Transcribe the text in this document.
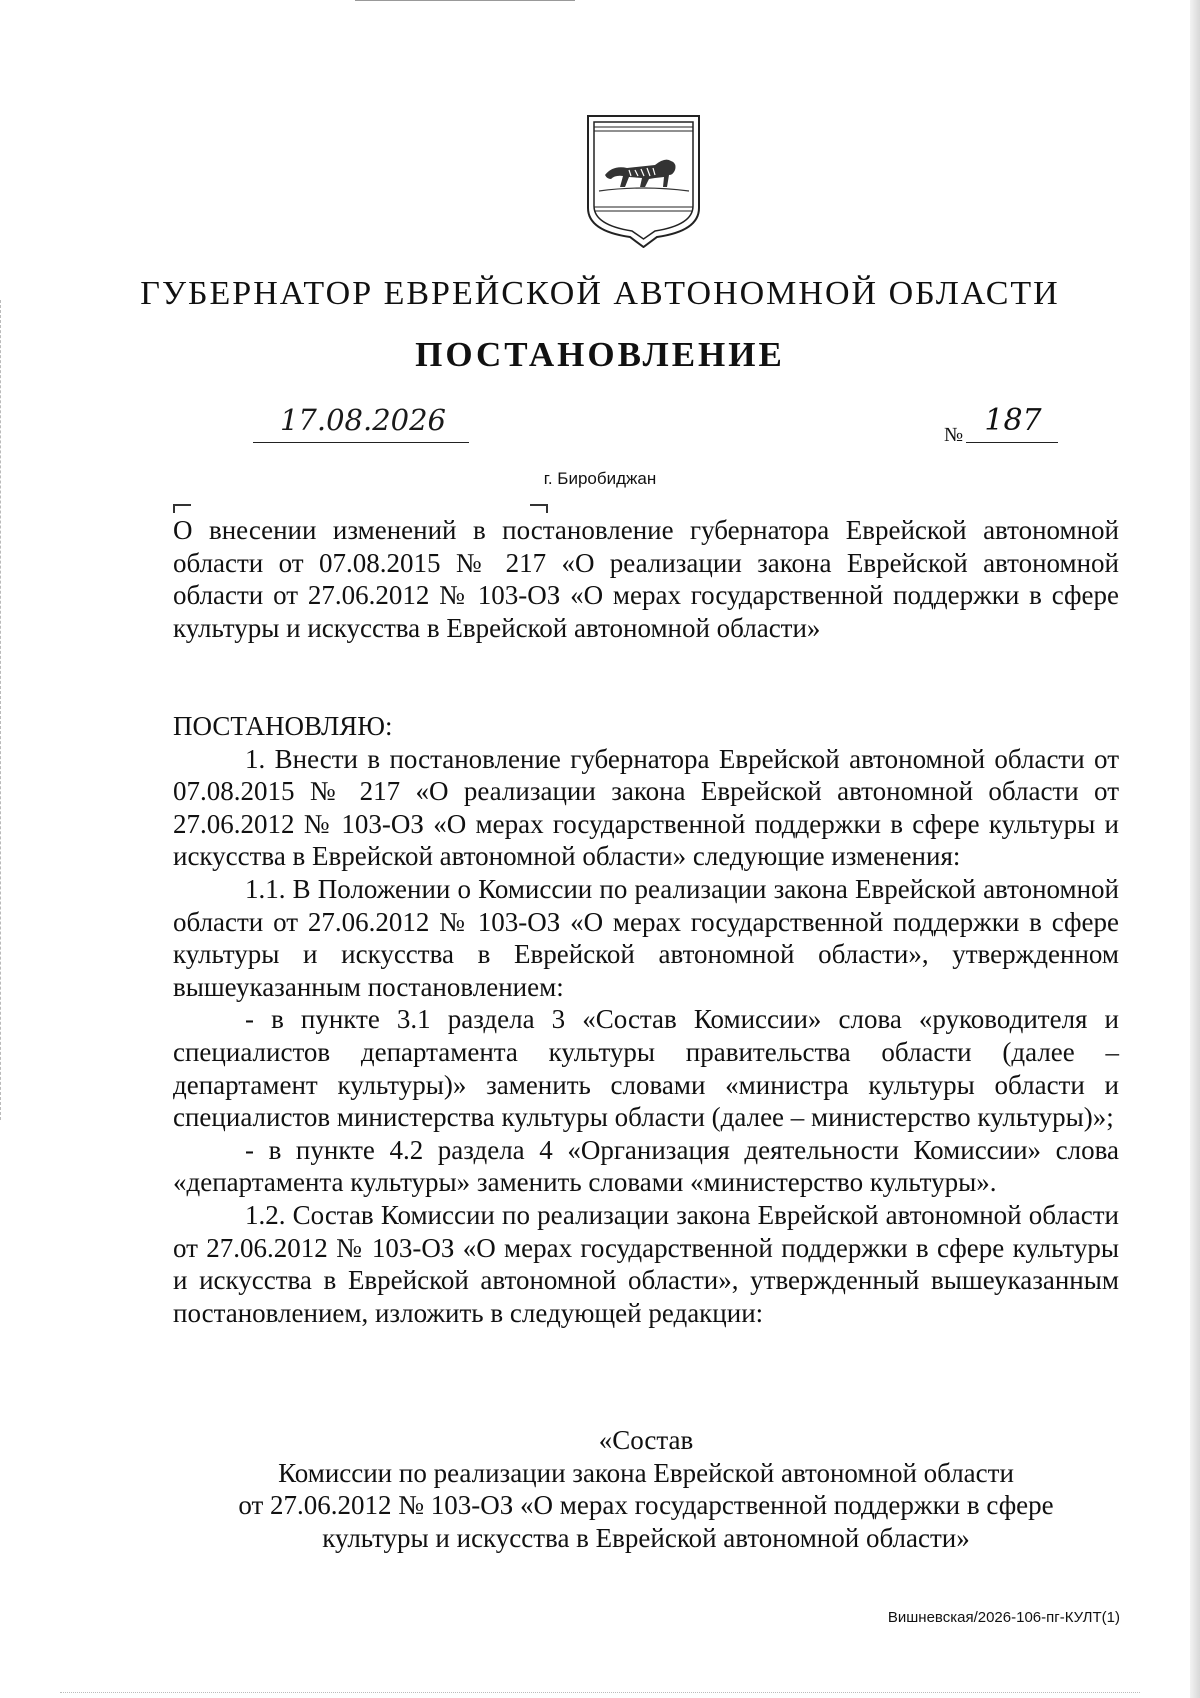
ГУБЕРНАТОР ЕВРЕЙСКОЙ АВТОНОМНОЙ ОБЛАСТИ
ПОСТАНОВЛЕНИЕ
17.08.2026	№ 187
г. Биробиджан

О внесении изменений в постановление губернатора Еврейской автономной области от 07.08.2015 № 217 «О реализации закона Еврейской автономной области от 27.06.2012 № 103-ОЗ «О мерах государственной поддержки в сфере культуры и искусства в Еврейской автономной области»

ПОСТАНОВЛЯЮ:

1. Внести в постановление губернатора Еврейской автономной области от 07.08.2015 № 217 «О реализации закона Еврейской автономной области от 27.06.2012 № 103-ОЗ «О мерах государственной поддержки в сфере культуры и искусства в Еврейской автономной области» следующие изменения:

1.1. В Положении о Комиссии по реализации закона Еврейской автономной области от 27.06.2012 № 103-ОЗ «О мерах государственной поддержки в сфере культуры и искусства в Еврейской автономной области», утвержденном вышеуказанным постановлением:

- в пункте 3.1 раздела 3 «Состав Комиссии» слова «руководителя и специалистов департамента культуры правительства области (далее – департамент культуры)» заменить словами «министра культуры области и специалистов министерства культуры области (далее – министерство культуры)»;

- в пункте 4.2 раздела 4 «Организация деятельности Комиссии» слова «департамента культуры» заменить словами «министерство культуры».

1.2. Состав Комиссии по реализации закона Еврейской автономной области от 27.06.2012 № 103-ОЗ «О мерах государственной поддержки в сфере культуры и искусства в Еврейской автономной области», утвержденный вышеуказанным постановлением, изложить в следующей редакции:

«Состав

Комиссии по реализации закона Еврейской автономной области

от 27.06.2012 № 103-ОЗ «О мерах государственной поддержки в сфере

культуры и искусства в Еврейской автономной области»

Вишневская/2026-106-пг-КУЛТ(1)
